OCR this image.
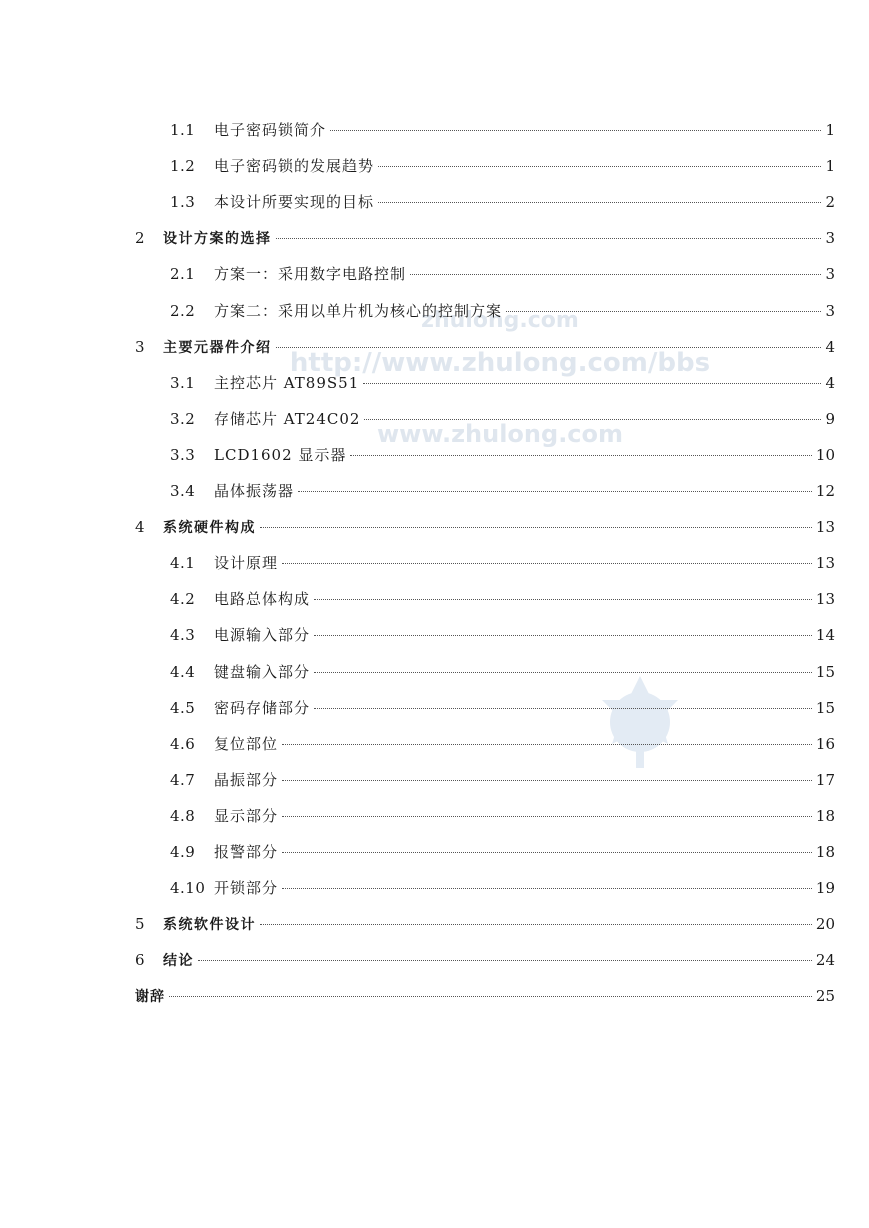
zhulong.com
http://www.zhulong.com/bbs
www.zhulong.com
1.1	电子密码锁简介	1
1.2	电子密码锁的发展趋势	1
1.3	本设计所要实现的目标	2
2	设计方案的选择	3
2.1	方案一：采用数字电路控制	3
2.2	方案二：采用以单片机为核心的控制方案	3
3	主要元器件介绍	4
3.1	主控芯片 AT89S51	4
3.2	存储芯片 AT24C02	9
3.3	LCD1602 显示器	10
3.4	晶体振荡器	12
4	系统硬件构成	13
4.1	设计原理	13
4.2	电路总体构成	13
4.3	电源输入部分	14
4.4	键盘输入部分	15
4.5	密码存储部分	15
4.6	复位部位	16
4.7	晶振部分	17
4.8	显示部分	18
4.9	报警部分	18
4.10 开锁部分	19
5	系统软件设计	20
6	结论	24
谢辞	25
